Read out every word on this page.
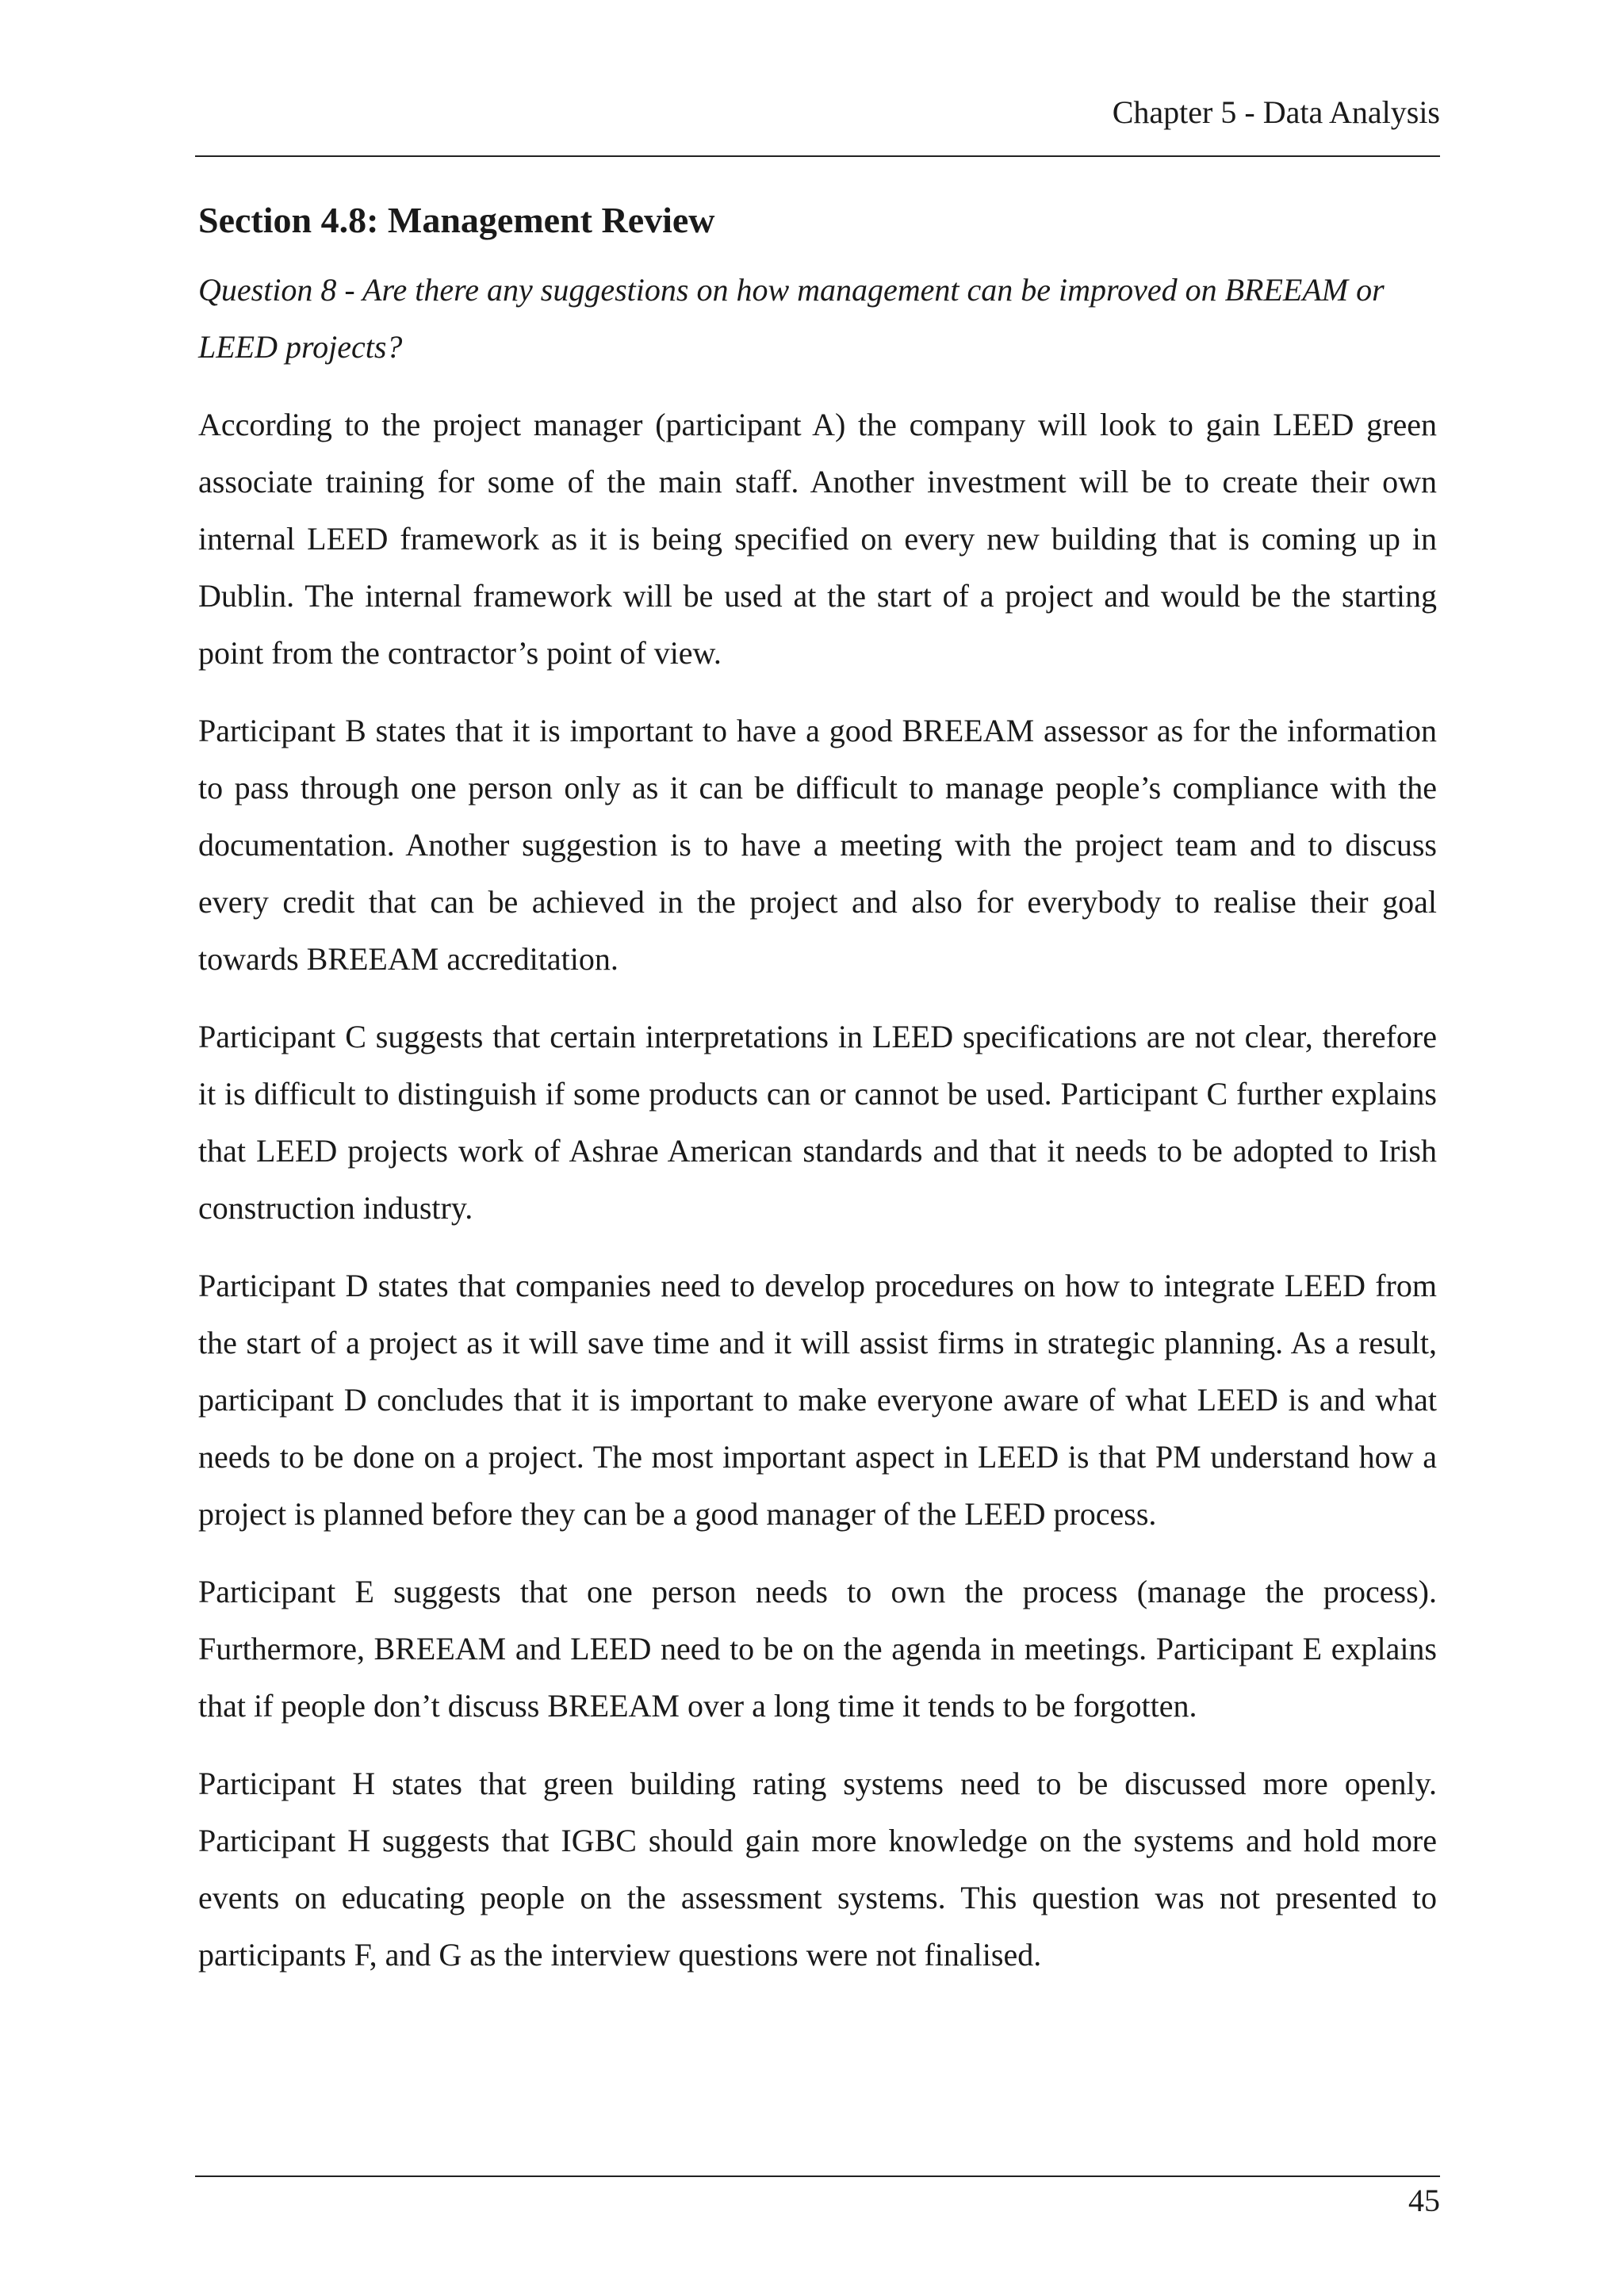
Chapter 5 - Data Analysis
Section 4.8: Management Review

Question 8 - Are there any suggestions on how management can be improved on BREEAM or LEED projects?

According to the project manager (participant A) the company will look to gain LEED green associate training for some of the main staff. Another investment will be to create their own internal LEED framework as it is being specified on every new building that is coming up in Dublin. The internal framework will be used at the start of a project and would be the starting point from the contractor’s point of view.

Participant B states that it is important to have a good BREEAM assessor as for the information to pass through one person only as it can be difficult to manage people’s compliance with the documentation. Another suggestion is to have a meeting with the project team and to discuss every credit that can be achieved in the project and also for everybody to realise their goal towards BREEAM accreditation.

Participant C suggests that certain interpretations in LEED specifications are not clear, therefore it is difficult to distinguish if some products can or cannot be used. Participant C further explains that LEED projects work of Ashrae American standards and that it needs to be adopted to Irish construction industry.

Participant D states that companies need to develop procedures on how to integrate LEED from the start of a project as it will save time and it will assist firms in strategic planning. As a result, participant D concludes that it is important to make everyone aware of what LEED is and what needs to be done on a project. The most important aspect in LEED is that PM understand how a project is planned before they can be a good manager of the LEED process.

Participant E suggests that one person needs to own the process (manage the process). Furthermore, BREEAM and LEED need to be on the agenda in meetings. Participant E explains that if people don’t discuss BREEAM over a long time it tends to be forgotten.

Participant H states that green building rating systems need to be discussed more openly. Participant H suggests that IGBC should gain more knowledge on the systems and hold more events on educating people on the assessment systems. This question was not presented to participants F, and G as the interview questions were not finalised.

45
